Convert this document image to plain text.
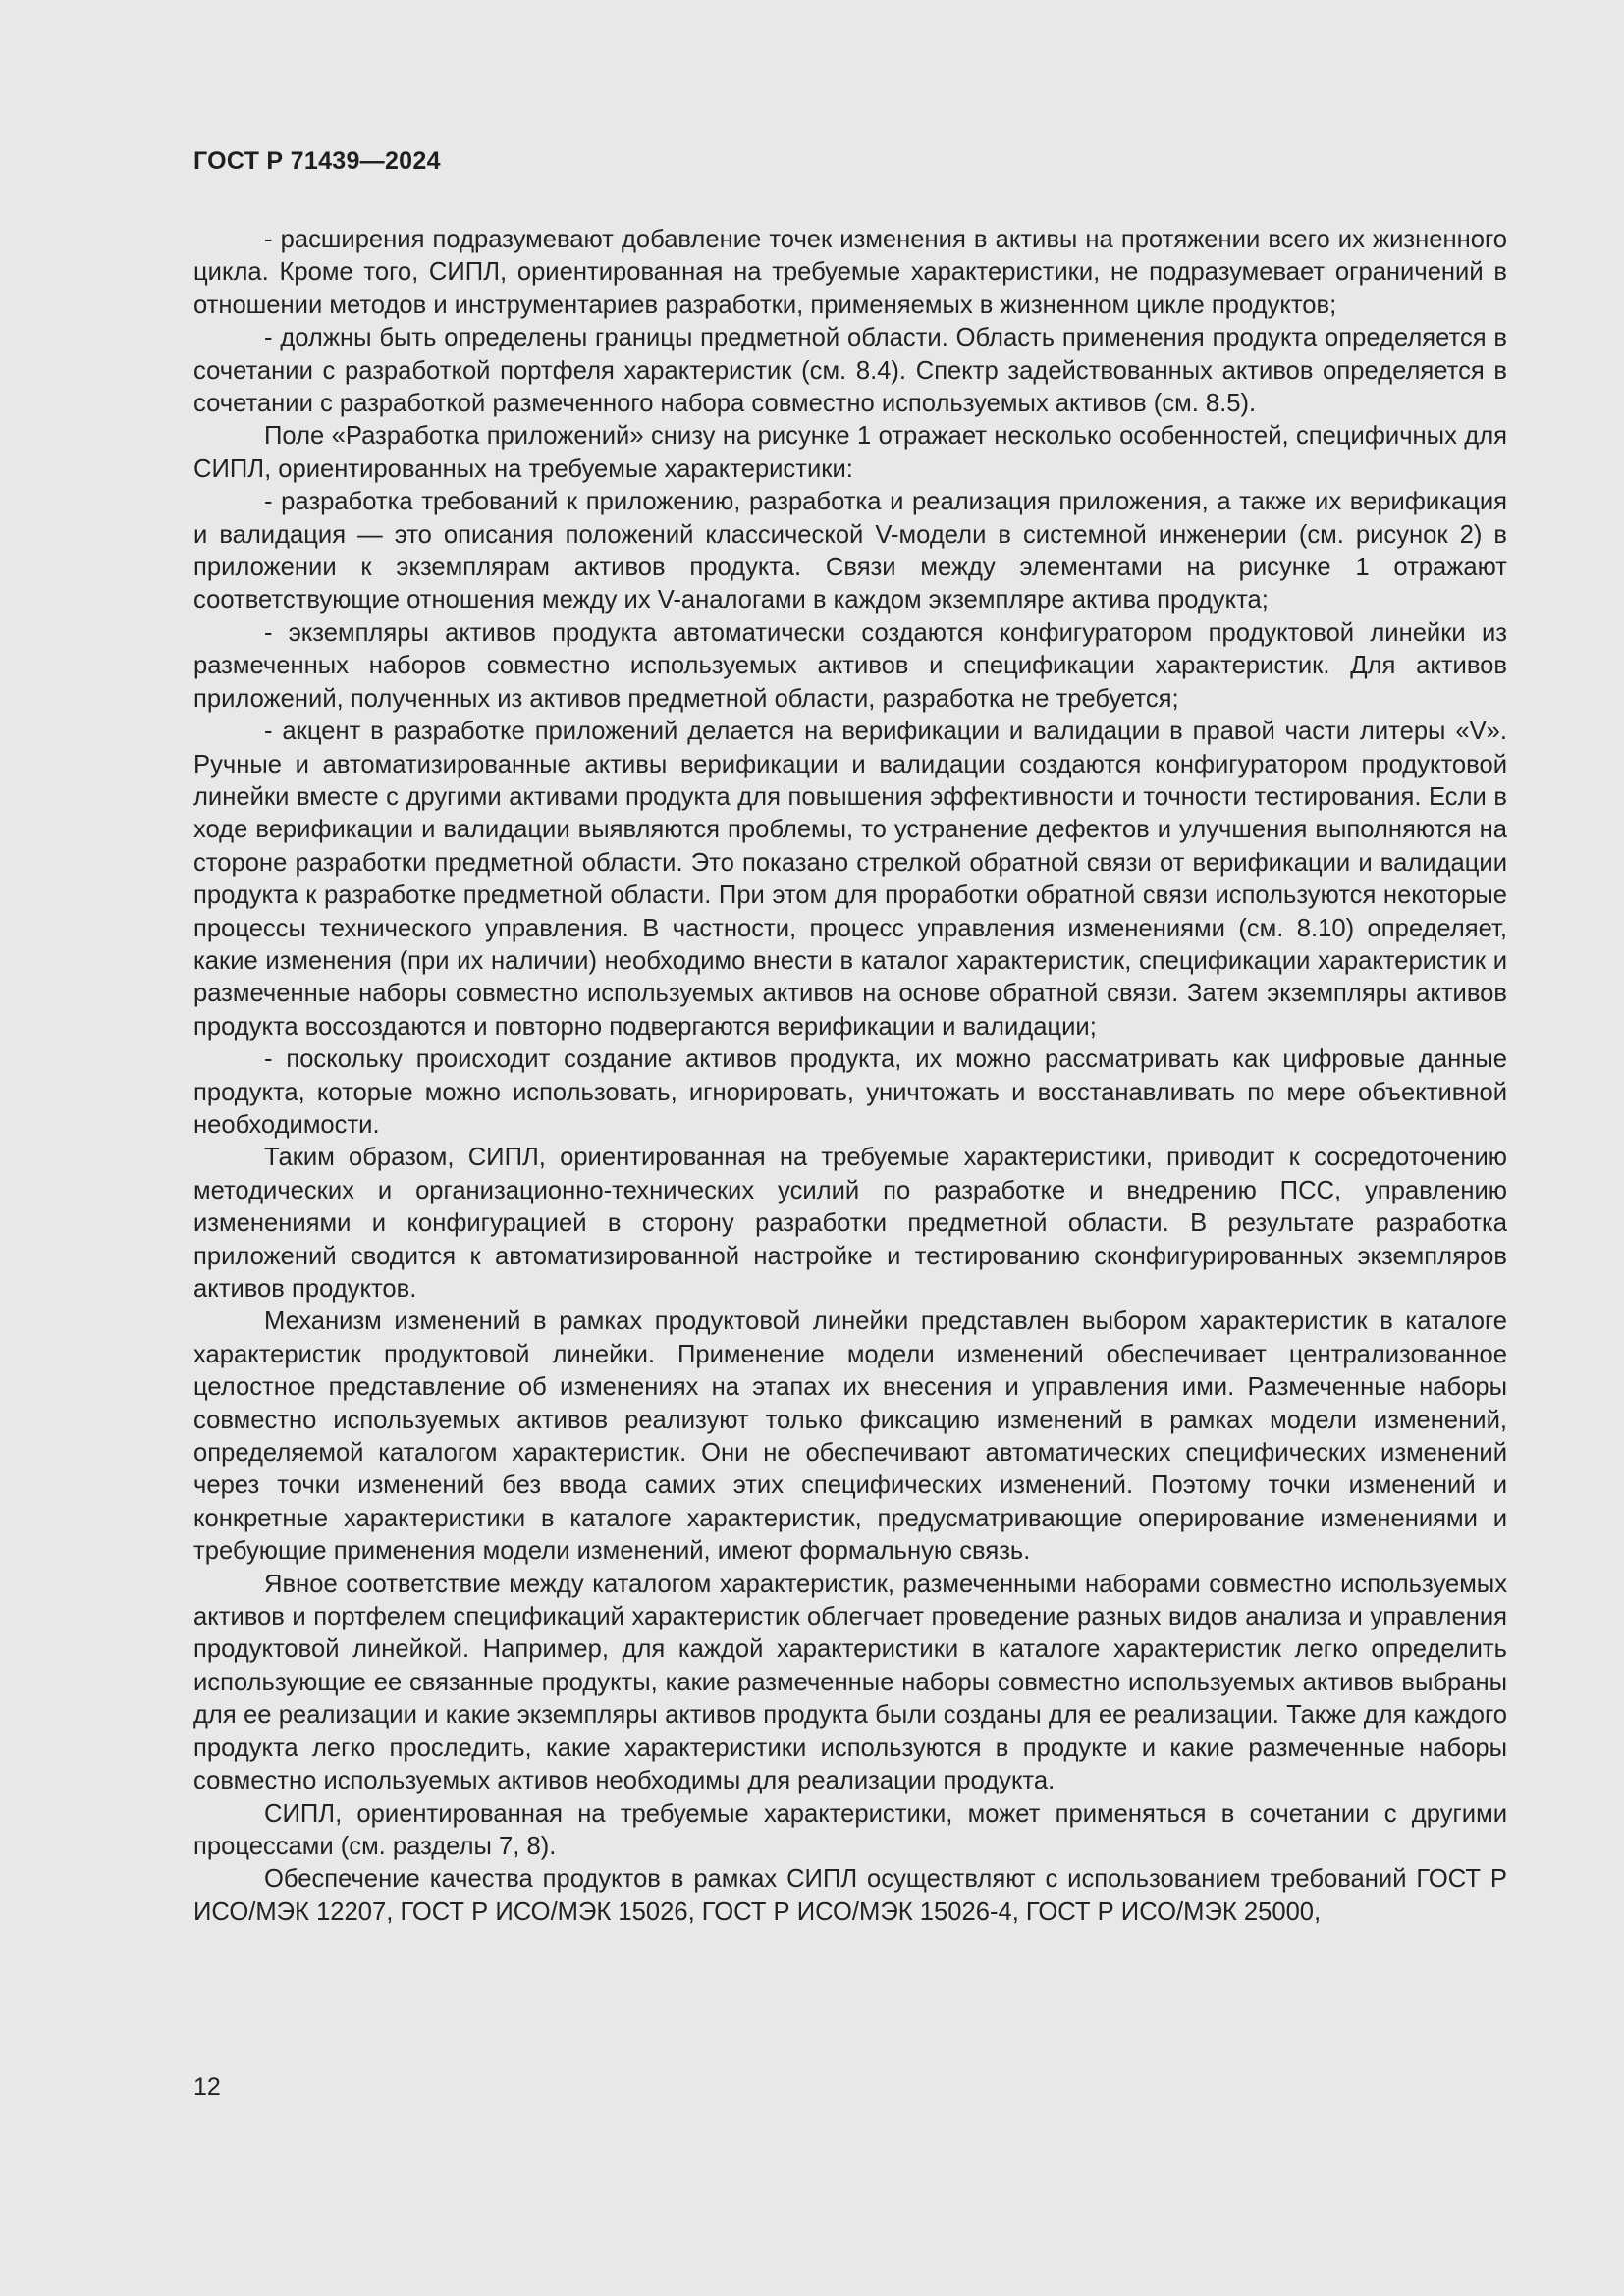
ГОСТ Р 71439—2024

- расширения подразумевают добавление точек изменения в активы на протяжении всего их жизненного цикла. Кроме того, СИПЛ, ориентированная на требуемые характеристики, не подразумевает ограничений в отношении методов и инструментариев разработки, применяемых в жизненном цикле продуктов;

- должны быть определены границы предметной области. Область применения продукта определяется в сочетании с разработкой портфеля характеристик (см. 8.4). Спектр задействованных активов определяется в сочетании с разработкой размеченного набора совместно используемых активов (см. 8.5).

Поле «Разработка приложений» снизу на рисунке 1 отражает несколько особенностей, специфичных для СИПЛ, ориентированных на требуемые характеристики:

- разработка требований к приложению, разработка и реализация приложения, а также их верификация и валидация — это описания положений классической V-модели в системной инженерии (см. рисунок 2) в приложении к экземплярам активов продукта. Связи между элементами на рисунке 1 отражают соответствующие отношения между их V-аналогами в каждом экземпляре актива продукта;

- экземпляры активов продукта автоматически создаются конфигуратором продуктовой линейки из размеченных наборов совместно используемых активов и спецификации характеристик. Для активов приложений, полученных из активов предметной области, разработка не требуется;

- акцент в разработке приложений делается на верификации и валидации в правой части литеры «V». Ручные и автоматизированные активы верификации и валидации создаются конфигуратором продуктовой линейки вместе с другими активами продукта для повышения эффективности и точности тестирования. Если в ходе верификации и валидации выявляются проблемы, то устранение дефектов и улучшения выполняются на стороне разработки предметной области. Это показано стрелкой обратной связи от верификации и валидации продукта к разработке предметной области. При этом для проработки обратной связи используются некоторые процессы технического управления. В частности, процесс управления изменениями (см. 8.10) определяет, какие изменения (при их наличии) необходимо внести в каталог характеристик, спецификации характеристик и размеченные наборы совместно используемых активов на основе обратной связи. Затем экземпляры активов продукта воссоздаются и повторно подвергаются верификации и валидации;

- поскольку происходит создание активов продукта, их можно рассматривать как цифровые данные продукта, которые можно использовать, игнорировать, уничтожать и восстанавливать по мере объективной необходимости.

Таким образом, СИПЛ, ориентированная на требуемые характеристики, приводит к сосредоточению методических и организационно-технических усилий по разработке и внедрению ПСС, управлению изменениями и конфигурацией в сторону разработки предметной области. В результате разработка приложений сводится к автоматизированной настройке и тестированию сконфигурированных экземпляров активов продуктов.

Механизм изменений в рамках продуктовой линейки представлен выбором характеристик в каталоге характеристик продуктовой линейки. Применение модели изменений обеспечивает централизованное целостное представление об изменениях на этапах их внесения и управления ими. Размеченные наборы совместно используемых активов реализуют только фиксацию изменений в рамках модели изменений, определяемой каталогом характеристик. Они не обеспечивают автоматических специфических изменений через точки изменений без ввода самих этих специфических изменений. Поэтому точки изменений и конкретные характеристики в каталоге характеристик, предусматривающие оперирование изменениями и требующие применения модели изменений, имеют формальную связь.

Явное соответствие между каталогом характеристик, размеченными наборами совместно используемых активов и портфелем спецификаций характеристик облегчает проведение разных видов анализа и управления продуктовой линейкой. Например, для каждой характеристики в каталоге характеристик легко определить использующие ее связанные продукты, какие размеченные наборы совместно используемых активов выбраны для ее реализации и какие экземпляры активов продукта были созданы для ее реализации. Также для каждого продукта легко проследить, какие характеристики используются в продукте и какие размеченные наборы совместно используемых активов необходимы для реализации продукта.

СИПЛ, ориентированная на требуемые характеристики, может применяться в сочетании с другими процессами (см. разделы 7, 8).

Обеспечение качества продуктов в рамках СИПЛ осуществляют с использованием требований ГОСТ Р ИСО/МЭК 12207, ГОСТ Р ИСО/МЭК 15026, ГОСТ Р ИСО/МЭК 15026-4, ГОСТ Р ИСО/МЭК 25000,

12
